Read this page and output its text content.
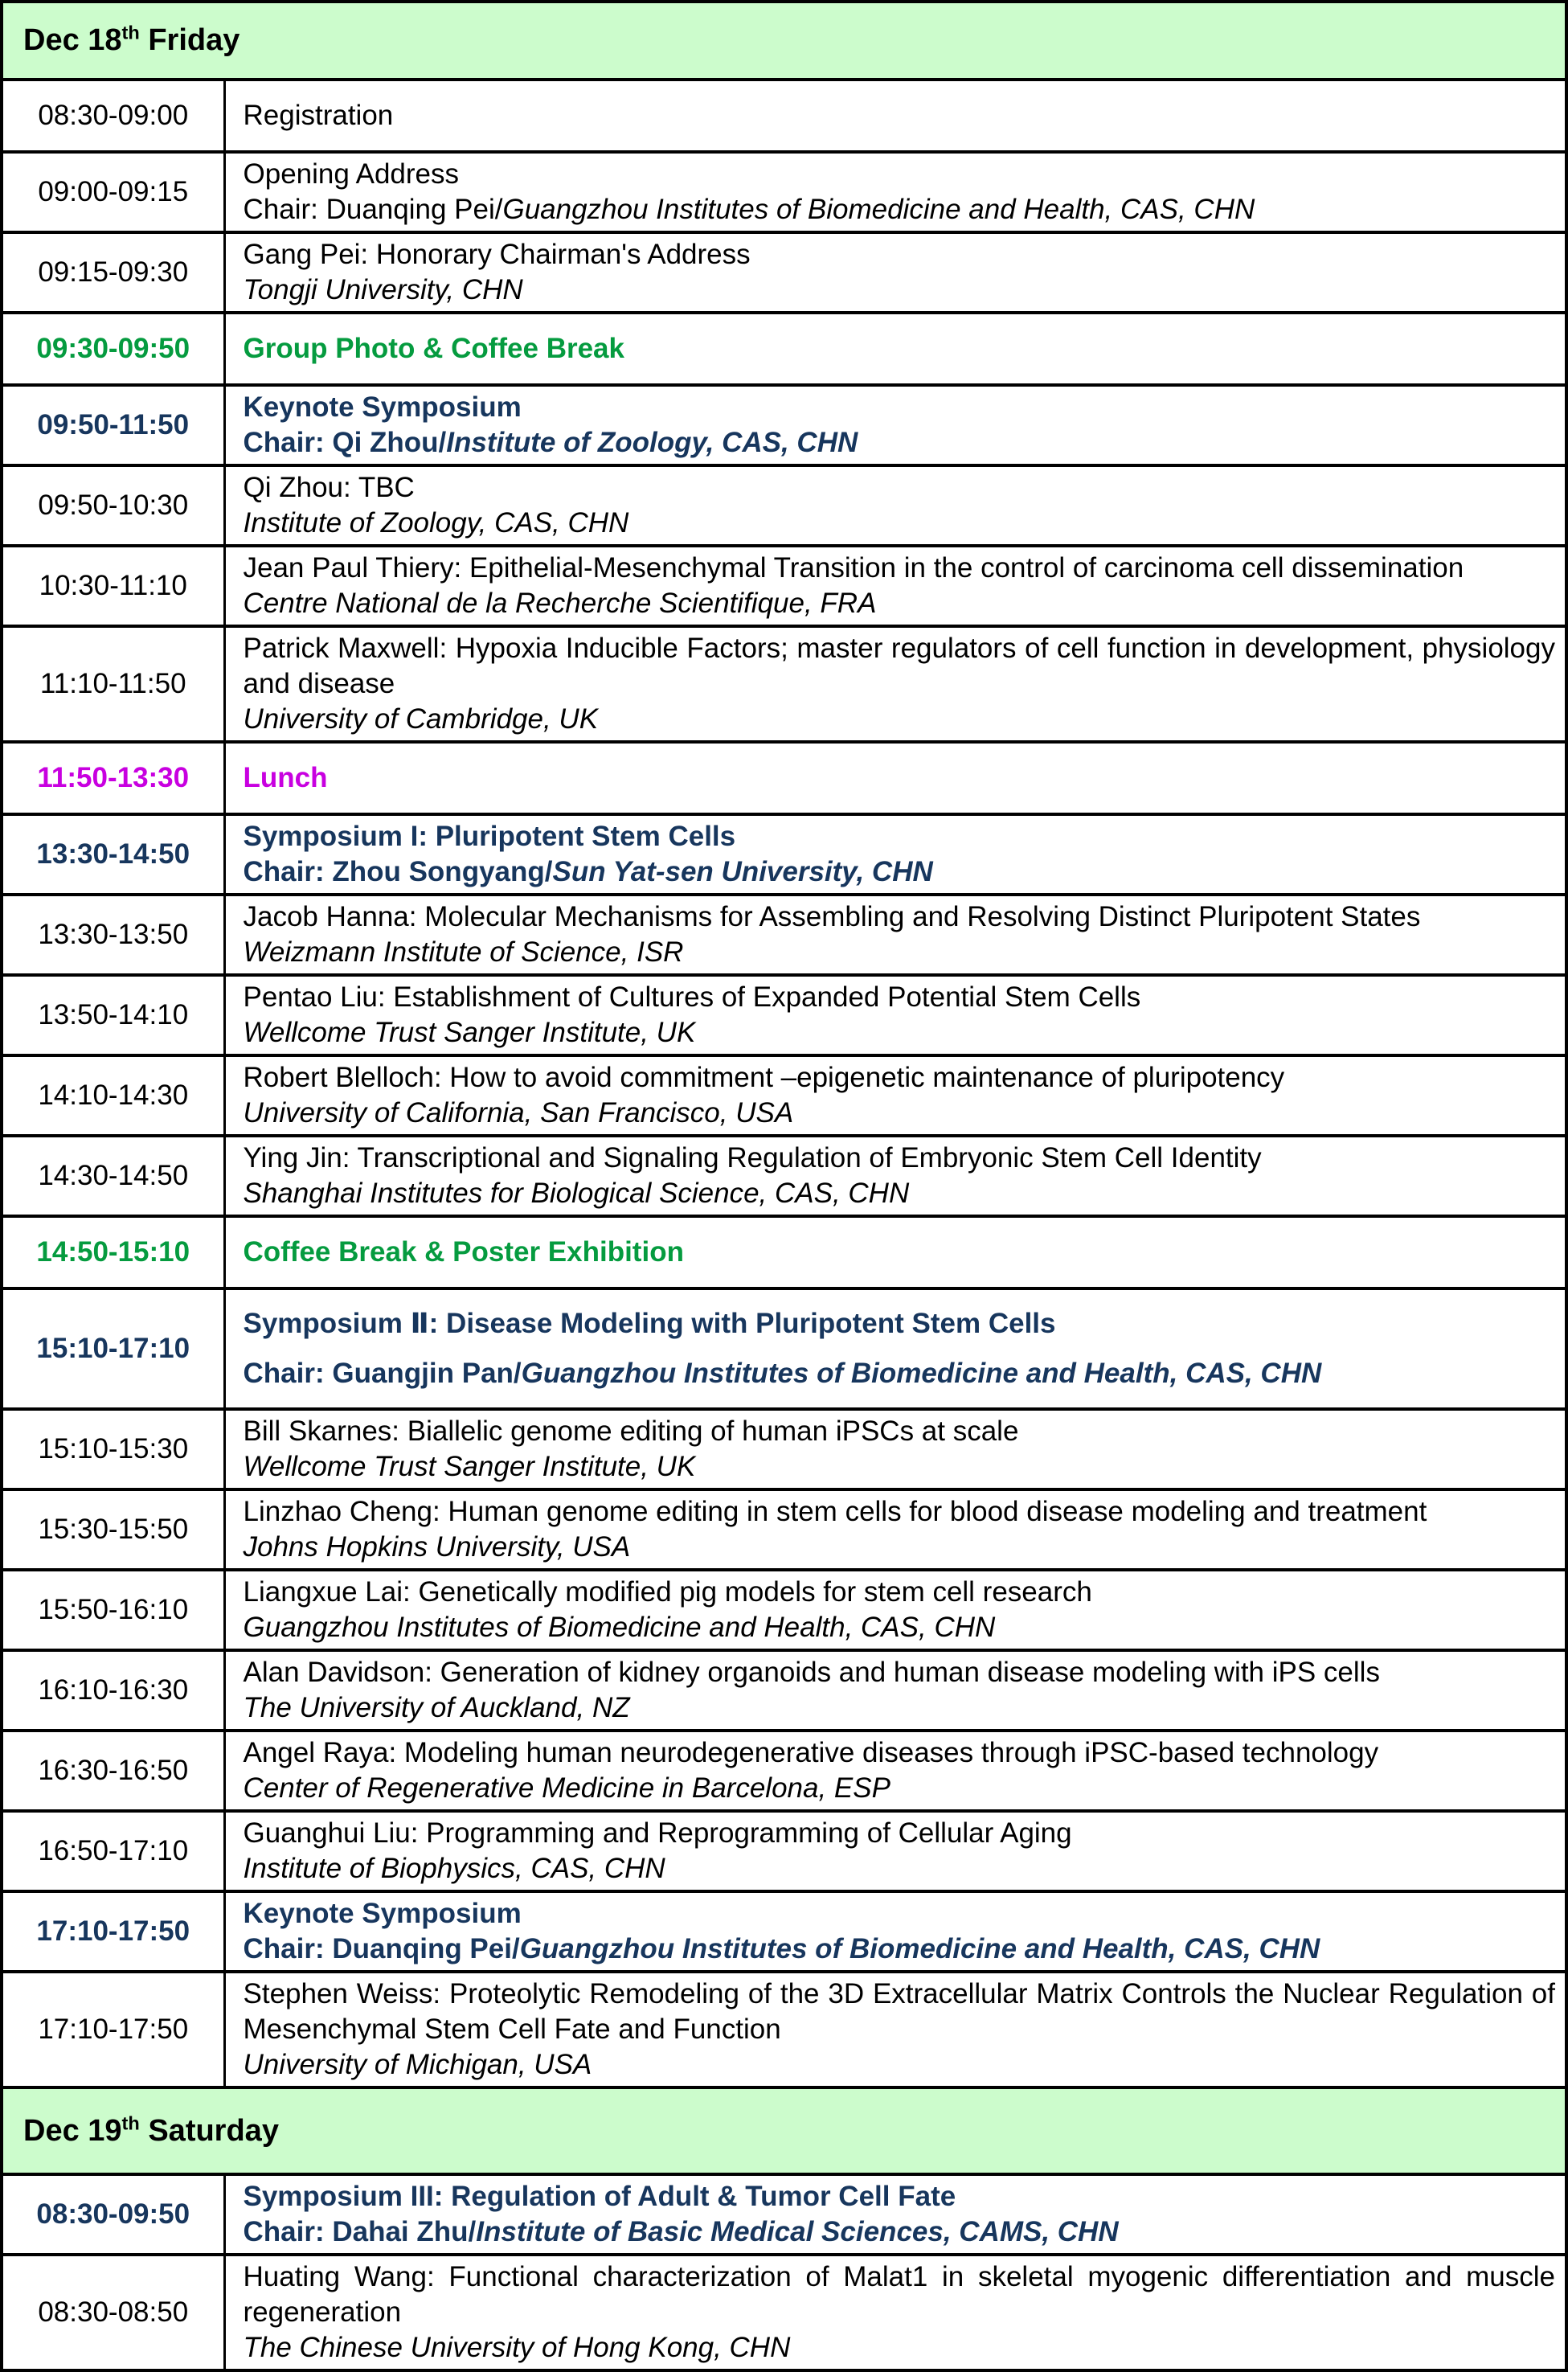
Dec 18th Friday	
08:30-09:00	Registration

09:00-09:15	Opening Address
Chair: Duanqing Pei/Guangzhou Institutes of Biomedicine and Health, CAS, CHN

09:15-09:30	Gang Pei: Honorary Chairman's Address
Tongji University, CHN

09:30-09:50	Group Photo & Coffee Break

09:50-11:50	Keynote Symposium
Chair: Qi Zhou/Institute of Zoology, CAS, CHN

09:50-10:30	Qi Zhou: TBC
Institute of Zoology, CAS, CHN

10:30-11:10	Jean Paul Thiery: Epithelial-Mesenchymal Transition in the control of carcinoma cell dissemination
Centre National de la Recherche Scientifique, FRA

11:10-11:50	Patrick Maxwell: Hypoxia Inducible Factors; master regulators of cell function in development, physiology and disease
University of Cambridge, UK

11:50-13:30	Lunch

13:30-14:50	Symposium I: Pluripotent Stem Cells
Chair: Zhou Songyang/Sun Yat-sen University, CHN

13:30-13:50	Jacob Hanna: Molecular Mechanisms for Assembling and Resolving Distinct Pluripotent States
Weizmann Institute of Science, ISR

13:50-14:10	Pentao Liu: Establishment of Cultures of Expanded Potential Stem Cells
Wellcome Trust Sanger Institute, UK

14:10-14:30	Robert Blelloch: How to avoid commitment –epigenetic maintenance of pluripotency
University of California, San Francisco, USA

14:30-14:50	Ying Jin: Transcriptional and Signaling Regulation of Embryonic Stem Cell Identity
Shanghai Institutes for Biological Science, CAS, CHN

14:50-15:10	Coffee Break & Poster Exhibition

15:10-17:10	Symposium Ⅱ: Disease Modeling with Pluripotent Stem Cells
Chair: Guangjin Pan/Guangzhou Institutes of Biomedicine and Health, CAS, CHN

15:10-15:30	Bill Skarnes: Biallelic genome editing of human iPSCs at scale
Wellcome Trust Sanger Institute, UK

15:30-15:50	Linzhao Cheng: Human genome editing in stem cells for blood disease modeling and treatment
Johns Hopkins University, USA

15:50-16:10	Liangxue Lai: Genetically modified pig models for stem cell research
Guangzhou Institutes of Biomedicine and Health, CAS, CHN

16:10-16:30	Alan Davidson: Generation of kidney organoids and human disease modeling with iPS cells
The University of Auckland, NZ

16:30-16:50	Angel Raya: Modeling human neurodegenerative diseases through iPSC-based technology
Center of Regenerative Medicine in Barcelona, ESP

16:50-17:10	Guanghui Liu: Programming and Reprogramming of Cellular Aging
Institute of Biophysics, CAS, CHN

17:10-17:50	Keynote Symposium
Chair: Duanqing Pei/Guangzhou Institutes of Biomedicine and Health, CAS, CHN

17:10-17:50	Stephen Weiss: Proteolytic Remodeling of the 3D Extracellular Matrix Controls the Nuclear Regulation of Mesenchymal Stem Cell Fate and Function
University of Michigan, USA

Dec 19th Saturday	
08:30-09:50	Symposium III: Regulation of Adult & Tumor Cell Fate
Chair: Dahai Zhu/Institute of Basic Medical Sciences, CAMS, CHN

08:30-08:50	Huating Wang: Functional characterization of Malat1 in skeletal myogenic differentiation and muscle regeneration
The Chinese University of Hong Kong, CHN
